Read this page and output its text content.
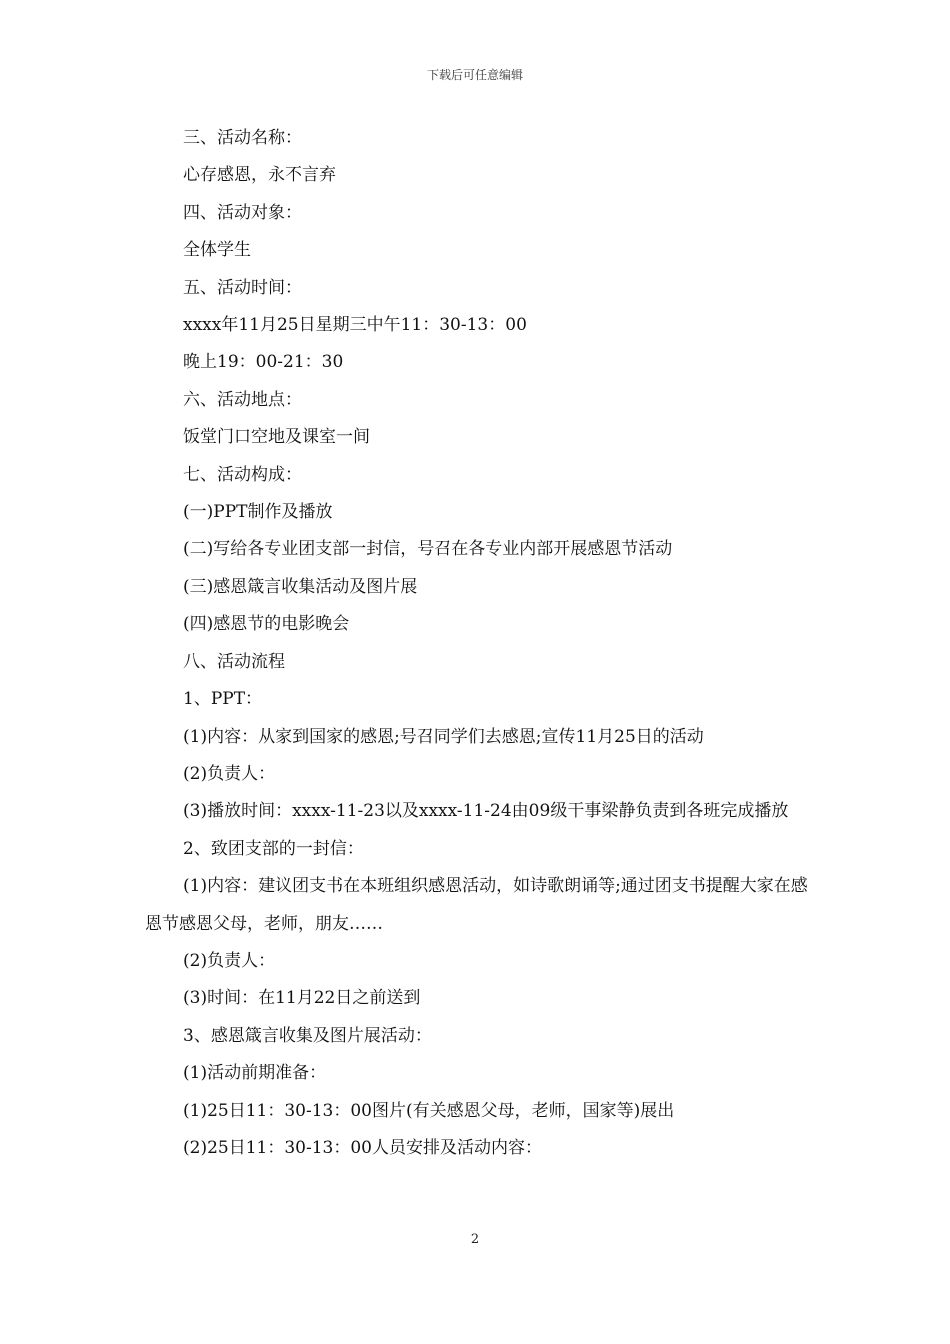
下载后可任意编辑

三、活动名称：

心存感恩，永不言弃

四、活动对象：

全体学生

五、活动时间：

xxxx年11月25日星期三中午11：30-13：00

晚上19：00-21：30

六、活动地点：

饭堂门口空地及课室一间

七、活动构成：

(一)PPT制作及播放

(二)写给各专业团支部一封信，号召在各专业内部开展感恩节活动

(三)感恩箴言收集活动及图片展

(四)感恩节的电影晚会

八、活动流程

1、PPT：

(1)内容：从家到国家的感恩;号召同学们去感恩;宣传11月25日的活动

(2)负责人：

(3)播放时间：xxxx-11-23以及xxxx-11-24由09级干事梁静负责到各班完成播放

2、致团支部的一封信：

(1)内容：建议团支书在本班组织感恩活动，如诗歌朗诵等;通过团支书提醒大家在感恩节感恩父母，老师，朋友……

(2)负责人：

(3)时间：在11月22日之前送到

3、感恩箴言收集及图片展活动：

(1)活动前期准备：

(1)25日11：30-13：00图片(有关感恩父母，老师，国家等)展出

(2)25日11：30-13：00人员安排及活动内容：

2
